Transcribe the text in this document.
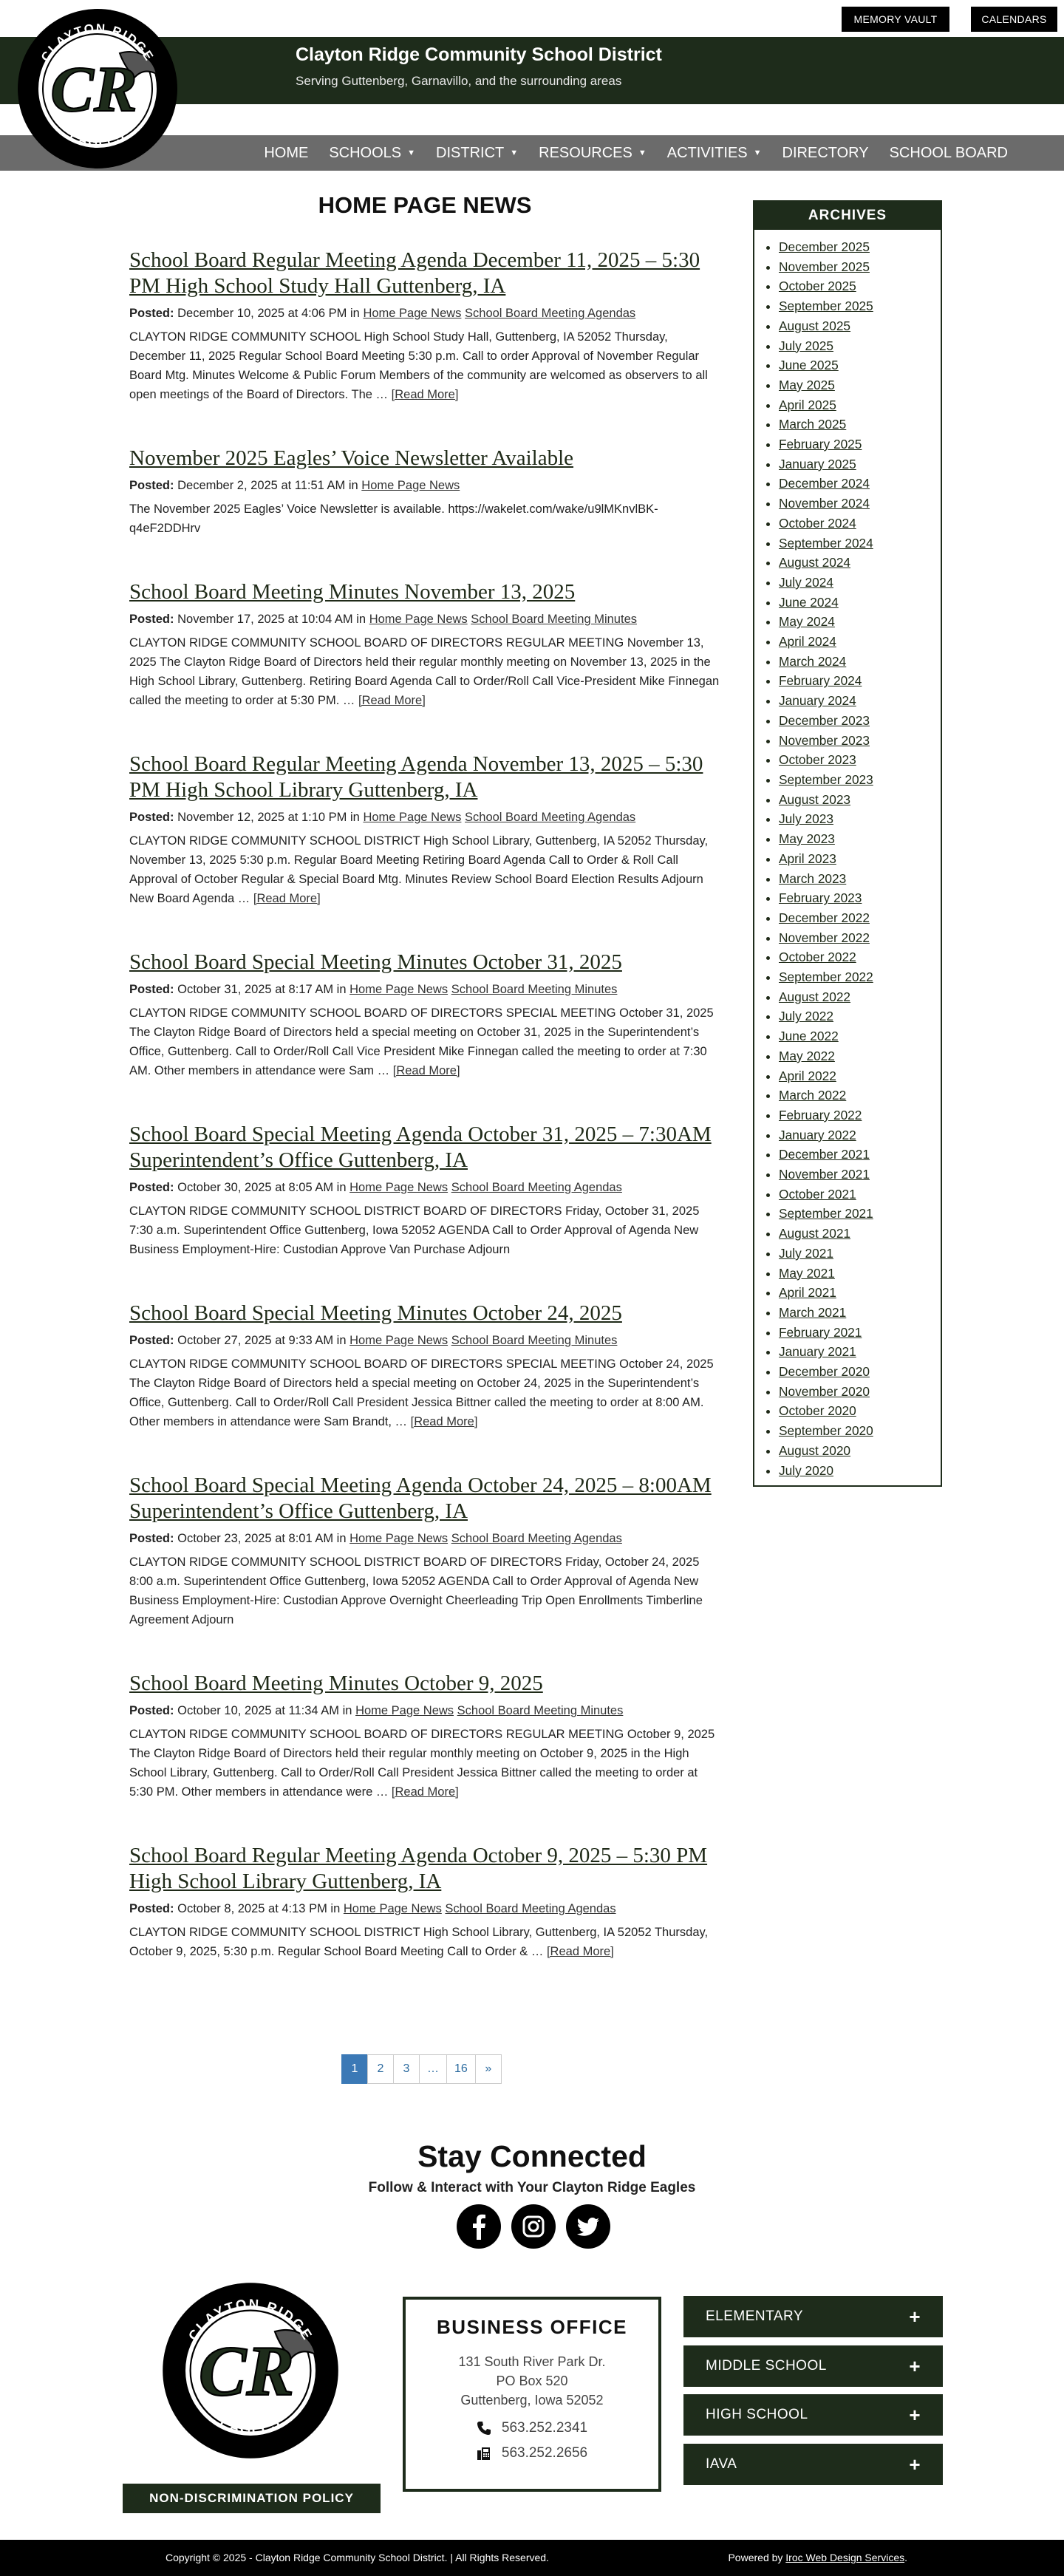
MEMORY VAULT	CALENDARS
Clayton Ridge Community School District
Serving Guttenberg, Garnavillo, and the surrounding areas
CR
CLAYTON RIDGE
EAGLES
HOME SCHOOLS ▼ DISTRICT ▼ RESOURCES ▼ ACTIVITIES ▼ DIRECTORY SCHOOL BOARD
HOME PAGE NEWS
School Board Regular Meeting Agenda December 11, 2025 – 5:30 PM High School Study Hall Guttenberg, IA
Posted: December 10, 2025 at 4:06 PM in Home Page News School Board Meeting Agendas
CLAYTON RIDGE COMMUNITY SCHOOL High School Study Hall, Guttenberg, IA 52052 Thursday, December 11, 2025 Regular School Board Meeting 5:30 p.m. Call to order Approval of November Regular Board Mtg. Minutes Welcome & Public Forum Members of the community are welcomed as observers to all open meetings of the Board of Directors. The … [Read More]
November 2025 Eagles’ Voice Newsletter Available
Posted: December 2, 2025 at 11:51 AM in Home Page News
The November 2025 Eagles’ Voice Newsletter is available. https://wakelet.com/wake/u9lMKnvlBK-q4eF2DDHrv
School Board Meeting Minutes November 13, 2025
Posted: November 17, 2025 at 10:04 AM in Home Page News School Board Meeting Minutes
CLAYTON RIDGE COMMUNITY SCHOOL BOARD OF DIRECTORS REGULAR MEETING November 13, 2025 The Clayton Ridge Board of Directors held their regular monthly meeting on November 13, 2025 in the High School Library, Guttenberg. Retiring Board Agenda Call to Order/Roll Call Vice-President Mike Finnegan called the meeting to order at 5:30 PM. … [Read More]
School Board Regular Meeting Agenda November 13, 2025 – 5:30 PM High School Library Guttenberg, IA
Posted: November 12, 2025 at 1:10 PM in Home Page News School Board Meeting Agendas
CLAYTON RIDGE COMMUNITY SCHOOL DISTRICT High School Library, Guttenberg, IA 52052 Thursday, November 13, 2025 5:30 p.m. Regular Board Meeting Retiring Board Agenda Call to Order & Roll Call Approval of October Regular & Special Board Mtg. Minutes Review School Board Election Results Adjourn New Board Agenda … [Read More]
School Board Special Meeting Minutes October 31, 2025
Posted: October 31, 2025 at 8:17 AM in Home Page News School Board Meeting Minutes
CLAYTON RIDGE COMMUNITY SCHOOL BOARD OF DIRECTORS SPECIAL MEETING October 31, 2025 The Clayton Ridge Board of Directors held a special meeting on October 31, 2025 in the Superintendent’s Office, Guttenberg. Call to Order/Roll Call Vice President Mike Finnegan called the meeting to order at 7:30 AM. Other members in attendance were Sam … [Read More]
School Board Special Meeting Agenda October 31, 2025 – 7:30AM Superintendent’s Office Guttenberg, IA
Posted: October 30, 2025 at 8:05 AM in Home Page News School Board Meeting Agendas
CLAYTON RIDGE COMMUNITY SCHOOL DISTRICT BOARD OF DIRECTORS Friday, October 31, 2025 7:30 a.m. Superintendent Office Guttenberg, Iowa 52052 AGENDA Call to Order Approval of Agenda New Business Employment-Hire: Custodian Approve Van Purchase Adjourn
School Board Special Meeting Minutes October 24, 2025
Posted: October 27, 2025 at 9:33 AM in Home Page News School Board Meeting Minutes
CLAYTON RIDGE COMMUNITY SCHOOL BOARD OF DIRECTORS SPECIAL MEETING October 24, 2025 The Clayton Ridge Board of Directors held a special meeting on October 24, 2025 in the Superintendent’s Office, Guttenberg. Call to Order/Roll Call President Jessica Bittner called the meeting to order at 8:00 AM. Other members in attendance were Sam Brandt, … [Read More]
School Board Special Meeting Agenda October 24, 2025 – 8:00AM Superintendent’s Office Guttenberg, IA
Posted: October 23, 2025 at 8:01 AM in Home Page News School Board Meeting Agendas
CLAYTON RIDGE COMMUNITY SCHOOL DISTRICT BOARD OF DIRECTORS Friday, October 24, 2025 8:00 a.m. Superintendent Office Guttenberg, Iowa 52052 AGENDA Call to Order Approval of Agenda New Business Employment-Hire: Custodian Approve Overnight Cheerleading Trip Open Enrollments Timberline Agreement Adjourn
School Board Meeting Minutes October 9, 2025
Posted: October 10, 2025 at 11:34 AM in Home Page News School Board Meeting Minutes
CLAYTON RIDGE COMMUNITY SCHOOL BOARD OF DIRECTORS REGULAR MEETING October 9, 2025 The Clayton Ridge Board of Directors held their regular monthly meeting on October 9, 2025 in the High School Library, Guttenberg. Call to Order/Roll Call President Jessica Bittner called the meeting to order at 5:30 PM. Other members in attendance were … [Read More]
School Board Regular Meeting Agenda October 9, 2025 – 5:30 PM High School Library Guttenberg, IA
Posted: October 8, 2025 at 4:13 PM in Home Page News School Board Meeting Agendas
CLAYTON RIDGE COMMUNITY SCHOOL DISTRICT High School Library, Guttenberg, IA 52052 Thursday, October 9, 2025, 5:30 p.m. Regular School Board Meeting Call to Order & … [Read More]
1	2	3	…	16	»
ARCHIVES
• December 2025
• November 2025
• October 2025
• September 2025
• August 2025
• July 2025
• June 2025
• May 2025
• April 2025
• March 2025
• February 2025
• January 2025
• December 2024
• November 2024
• October 2024
• September 2024
• August 2024
• July 2024
• June 2024
• May 2024
• April 2024
• March 2024
• February 2024
• January 2024
• December 2023
• November 2023
• October 2023
• September 2023
• August 2023
• July 2023
• May 2023
• April 2023
• March 2023
• February 2023
• December 2022
• November 2022
• October 2022
• September 2022
• August 2022
• July 2022
• June 2022
• May 2022
• April 2022
• March 2022
• February 2022
• January 2022
• December 2021
• November 2021
• October 2021
• September 2021
• August 2021
• July 2021
• May 2021
• April 2021
• March 2021
• February 2021
• January 2021
• December 2020
• November 2020
• October 2020
• September 2020
• August 2020
• July 2020
Stay Connected
Follow & Interact with Your Clayton Ridge Eagles
CR
CLAYTON RIDGE
EAGLES
NON-DISCRIMINATION POLICY
BUSINESS OFFICE
131 South River Park Dr.
PO Box 520
Guttenberg, Iowa 52052
563.252.2341
563.252.2656
ELEMENTARY	+
MIDDLE SCHOOL	+
HIGH SCHOOL	+
IAVA	+
Copyright © 2025 - Clayton Ridge Community School District. | All Rights Reserved.	Powered by Iroc Web Design Services.
